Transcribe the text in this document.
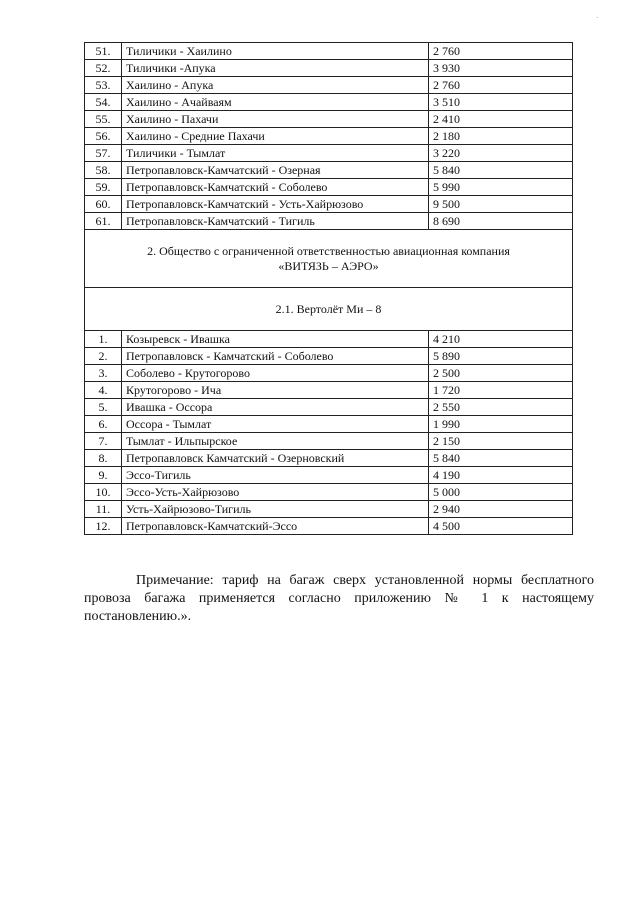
·
51.	Тиличики - Хаилино	2 760
52.	Тиличики -Апука	3 930
53.	Хаилино - Апука	2 760
54.	Хаилино - Ачайваям	3 510
55.	Хаилино - Пахачи	2 410
56.	Хаилино - Средние Пахачи	2 180
57.	Тиличики - Тымлат	3 220
58.	Петропавловск-Камчатский - Озерная	5 840
59.	Петропавловск-Камчатский - Соболево	5 990
60.	Петропавловск-Камчатский - Усть-Хайрюзово	9 500
61.	Петропавловск-Камчатский - Тигиль	8 690
2. Общество с ограниченной ответственностью авиационная компания
«ВИТЯЗЬ – АЭРО»		
2.1. Вертолёт Ми – 8		
1.	Козыревск - Ивашка	4 210
2.	Петропавловск - Камчатский - Соболево	5 890
3.	Соболево - Крутогорово	2 500
4.	Крутогорово - Ича	1 720
5.	Ивашка - Оссора	2 550
6.	Оссора - Тымлат	1 990
7.	Тымлат - Ильпырское	2 150
8.	Петропавловск Камчатский - Озерновский	5 840
9.	Эссо-Тигиль	4 190
10.	Эссо-Усть-Хайрюзово	5 000
11.	Усть-Хайрюзово-Тигиль	2 940
12.	Петропавловск-Камчатский-Эссо	4 500

Примечание: тариф на багаж сверх установленной нормы бесплатного провоза багажа применяется согласно приложению № 1 к настоящему постановлению.».
